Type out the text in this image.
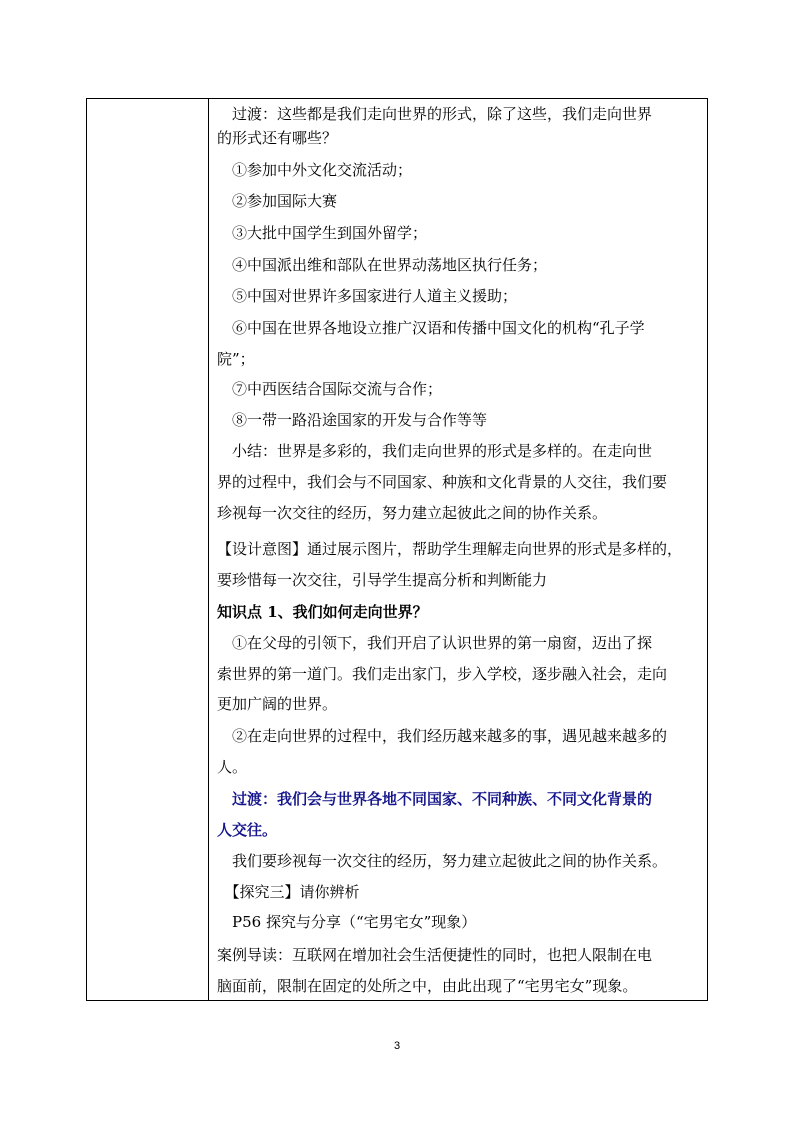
　过渡：这些都是我们走向世界的形式，除了这些，我们走向世界
的形式还有哪些？
　①参加中外文化交流活动；
　②参加国际大赛
　③大批中国学生到国外留学；
　④中国派出维和部队在世界动荡地区执行任务；
　⑤中国对世界许多国家进行人道主义援助；
　⑥中国在世界各地设立推广汉语和传播中国文化的机构“孔子学
院”；
　⑦中西医结合国际交流与合作；
　⑧一带一路沿途国家的开发与合作等等
　小结：世界是多彩的，我们走向世界的形式是多样的。在走向世
界的过程中，我们会与不同国家、种族和文化背景的人交往，我们要
珍视每一次交往的经历，努力建立起彼此之间的协作关系。
【设计意图】通过展示图片，帮助学生理解走向世界的形式是多样的，
要珍惜每一次交往，引导学生提高分析和判断能力
知识点 1、我们如何走向世界？
　①在父母的引领下，我们开启了认识世界的第一扇窗，迈出了探
索世界的第一道门。我们走出家门，步入学校，逐步融入社会，走向
更加广阔的世界。
　②在走向世界的过程中，我们经历越来越多的事，遇见越来越多的
人。
　过渡：我们会与世界各地不同国家、不同种族、不同文化背景的
人交往。
　我们要珍视每一次交往的经历，努力建立起彼此之间的协作关系。
　【探究三】请你辨析
　P56 探究与分享（“宅男宅女”现象）
案例导读：互联网在增加社会生活便捷性的同时，也把人限制在电
脑面前，限制在固定的处所之中，由此出现了“宅男宅女”现象。
3
